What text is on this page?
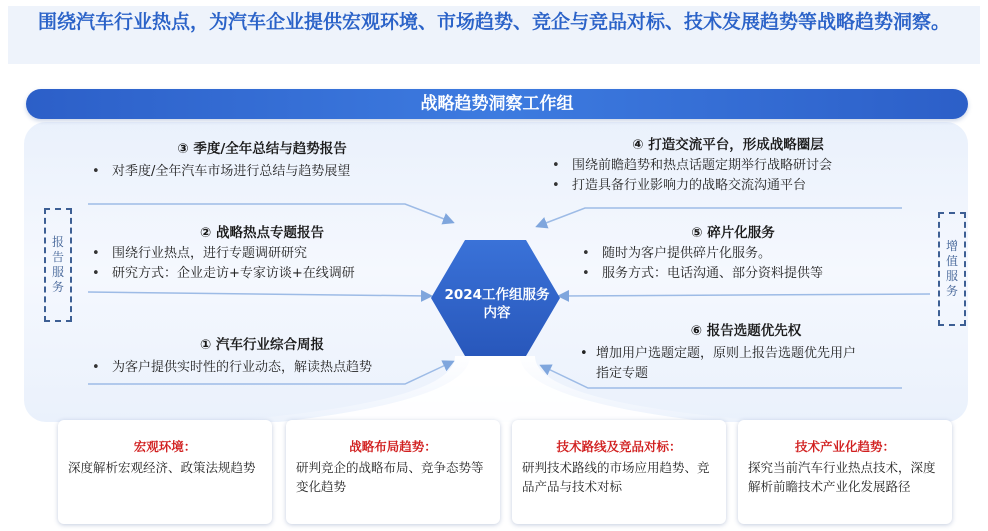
围绕汽车行业热点，为汽车企业提供宏观环境、市场趋势、竞企与竞品对标、技术发展趋势等战略趋势洞察。
战略趋势洞察工作组
2024工作组服务
内容
报
告
服
务
增
值
服
务
③ 季度/全年总结与趋势报告
• 对季度/全年汽车市场进行总结与趋势展望
② 战略热点专题报告
• 围绕行业热点，进行专题调研研究
• 研究方式：企业走访+专家访谈+在线调研
① 汽车行业综合周报
• 为客户提供实时性的行业动态，解读热点趋势
④ 打造交流平台，形成战略圈层
• 围绕前瞻趋势和热点话题定期举行战略研讨会
• 打造具备行业影响力的战略交流沟通平台
⑤ 碎片化服务
• 随时为客户提供碎片化服务。
• 服务方式：电话沟通、部分资料提供等
⑥ 报告选题优先权
• 增加用户选题定题，原则上报告选题优先用户
指定专题
宏观环境：
深度解析宏观经济、政策法规趋势
战略布局趋势：
研判竞企的战略布局、竞争态势等变化趋势
技术路线及竞品对标：
研判技术路线的市场应用趋势、竞品产品与技术对标
技术产业化趋势：
探究当前汽车行业热点技术，深度解析前瞻技术产业化发展路径
